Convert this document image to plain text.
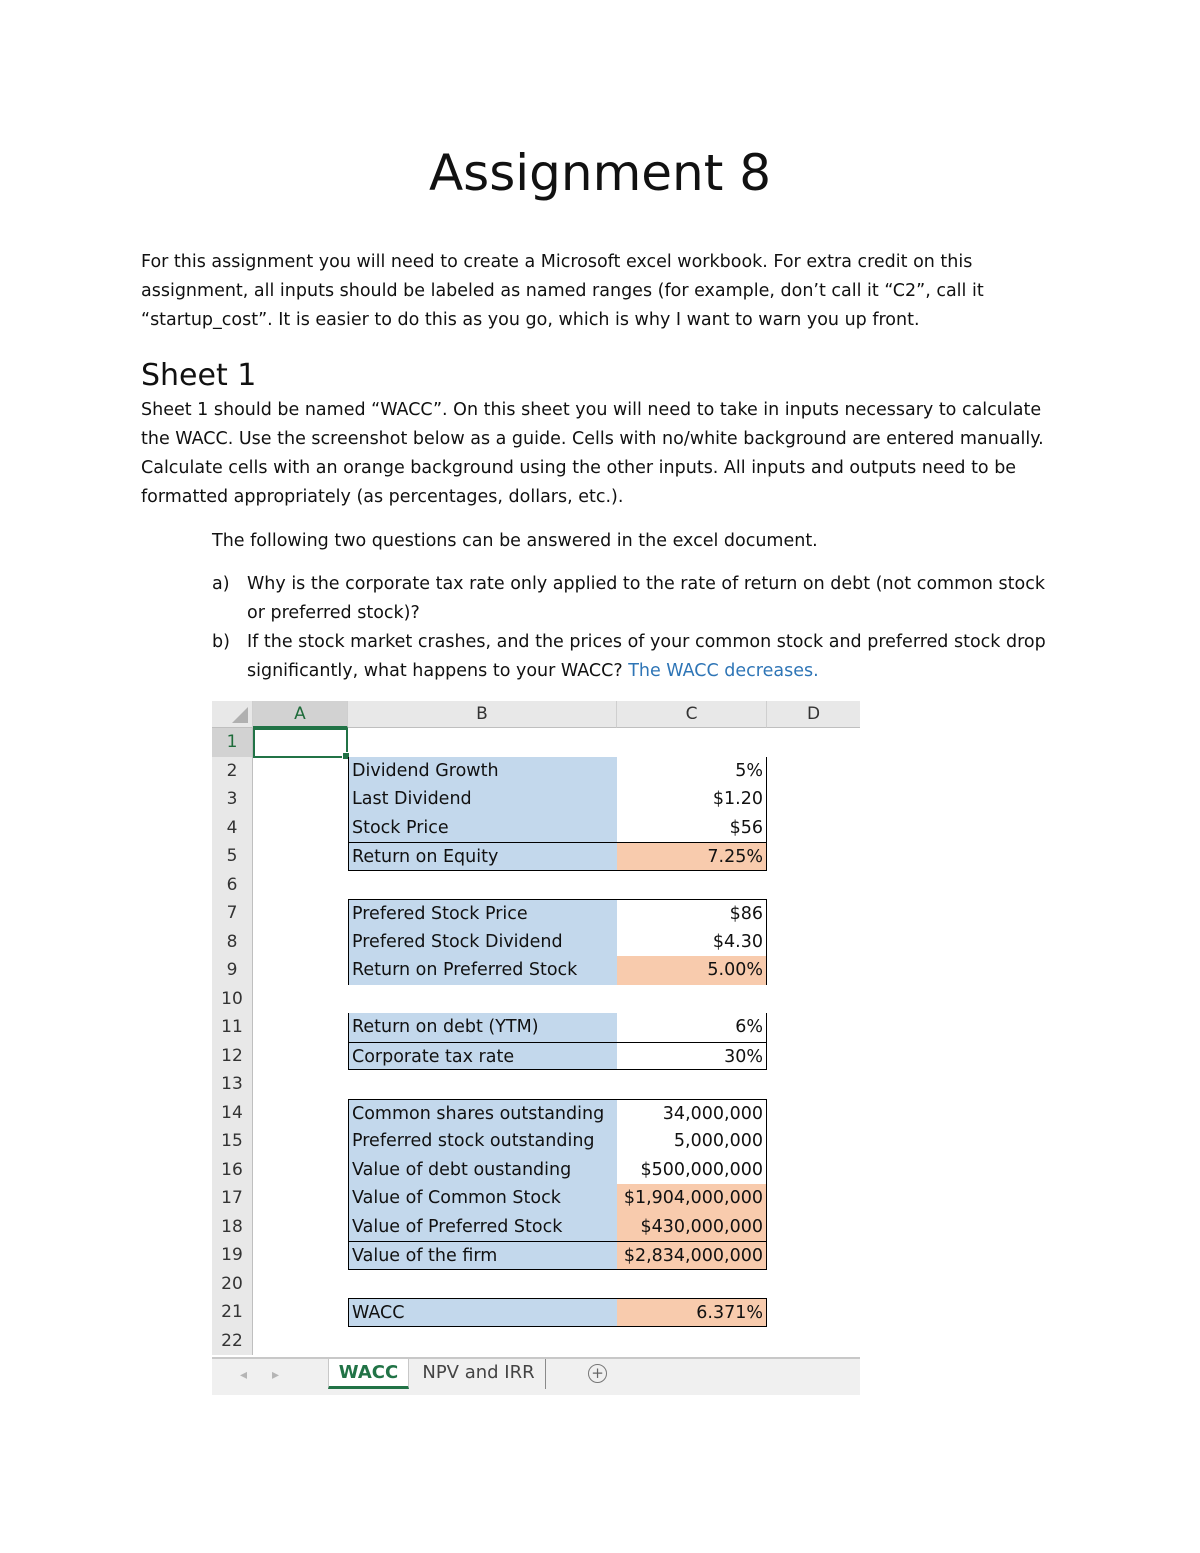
Assignment 8

For this assignment you will need to create a Microsoft excel workbook. For extra credit on this assignment, all inputs should be labeled as named ranges (for example, don’t call it “C2”, call it “startup_cost”. It is easier to do this as you go, which is why I want to warn you up front.

Sheet 1

Sheet 1 should be named “WACC”. On this sheet you will need to take in inputs necessary to calculate the WACC. Use the screenshot below as a guide. Cells with no/white background are entered manually. Calculate cells with an orange background using the other inputs. All inputs and outputs need to be formatted appropriately (as percentages, dollars, etc.).

The following two questions can be answered in the excel document.

a) Why is the corporate tax rate only applied to the rate of return on debt (not common stock or preferred stock)?
b) If the stock market crashes, and the prices of your common stock and preferred stock drop significantly, what happens to your WACC? The WACC decreases.
A	B	C	D
1
2
3
4
5
6
7
8
9
10
11
12
13
14
15
16
17
18
19
20
21
22
Dividend Growth	5%
Last Dividend	$1.20
Stock Price	$56
Return on Equity	7.25%
Prefered Stock Price	$86
Prefered Stock Dividend	$4.30
Return on Preferred Stock	5.00%
Return on debt (YTM)	6%
Corporate tax rate	30%
Common shares outstanding	34,000,000
Preferred stock outstanding	5,000,000
Value of debt oustanding	$500,000,000
Value of Common Stock	$1,904,000,000
Value of Preferred Stock	$430,000,000
Value of the firm	$2,834,000,000
WACC	6.371%
◂ ▸	WACC	NPV and IRR	+
